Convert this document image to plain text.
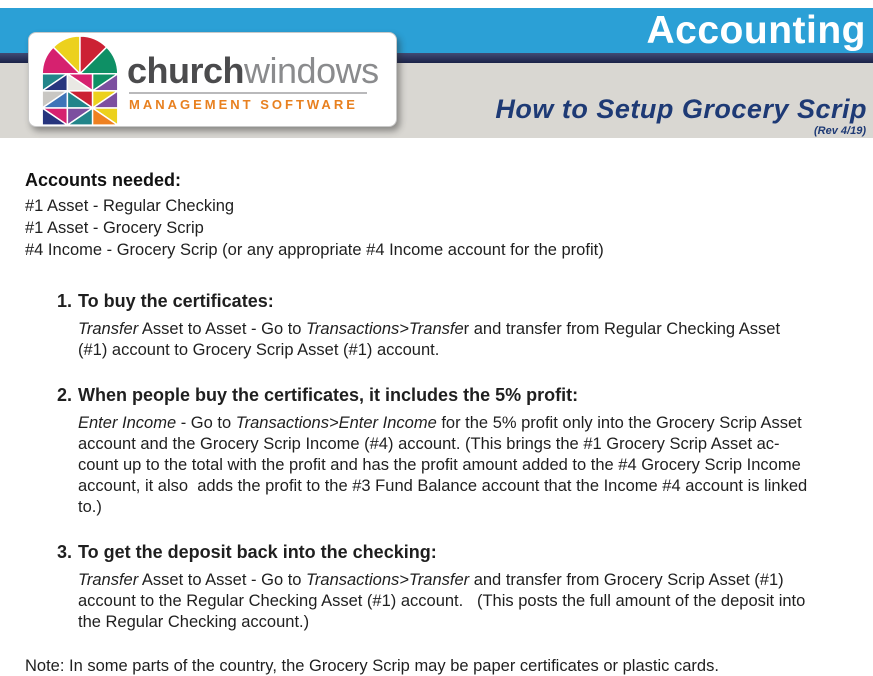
Accounting
How to Setup Grocery Scrip
(Rev 4/19)
churchwindows
MANAGEMENT SOFTWARE
Accounts needed:
#1 Asset - Regular Checking
#1 Asset - Grocery Scrip
#4 Income - Grocery Scrip (or any appropriate #4 Income account for the profit)
1. To buy the certificates:
Transfer Asset to Asset - Go to Transactions>Transfer and transfer from Regular Checking Asset
(#1) account to Grocery Scrip Asset (#1) account.
2. When people buy the certificates, it includes the 5% profit:
Enter Income - Go to Transactions>Enter Income for the 5% profit only into the Grocery Scrip Asset
account and the Grocery Scrip Income (#4) account. (This brings the #1 Grocery Scrip Asset ac-
count up to the total with the profit and has the profit amount added to the #4 Grocery Scrip Income
account, it also  adds the profit to the #3 Fund Balance account that the Income #4 account is linked
to.)
3. To get the deposit back into the checking:
Transfer Asset to Asset - Go to Transactions>Transfer and transfer from Grocery Scrip Asset (#1)
account to the Regular Checking Asset (#1) account.   (This posts the full amount of the deposit into
the Regular Checking account.)
Note: In some parts of the country, the Grocery Scrip may be paper certificates or plastic cards.
